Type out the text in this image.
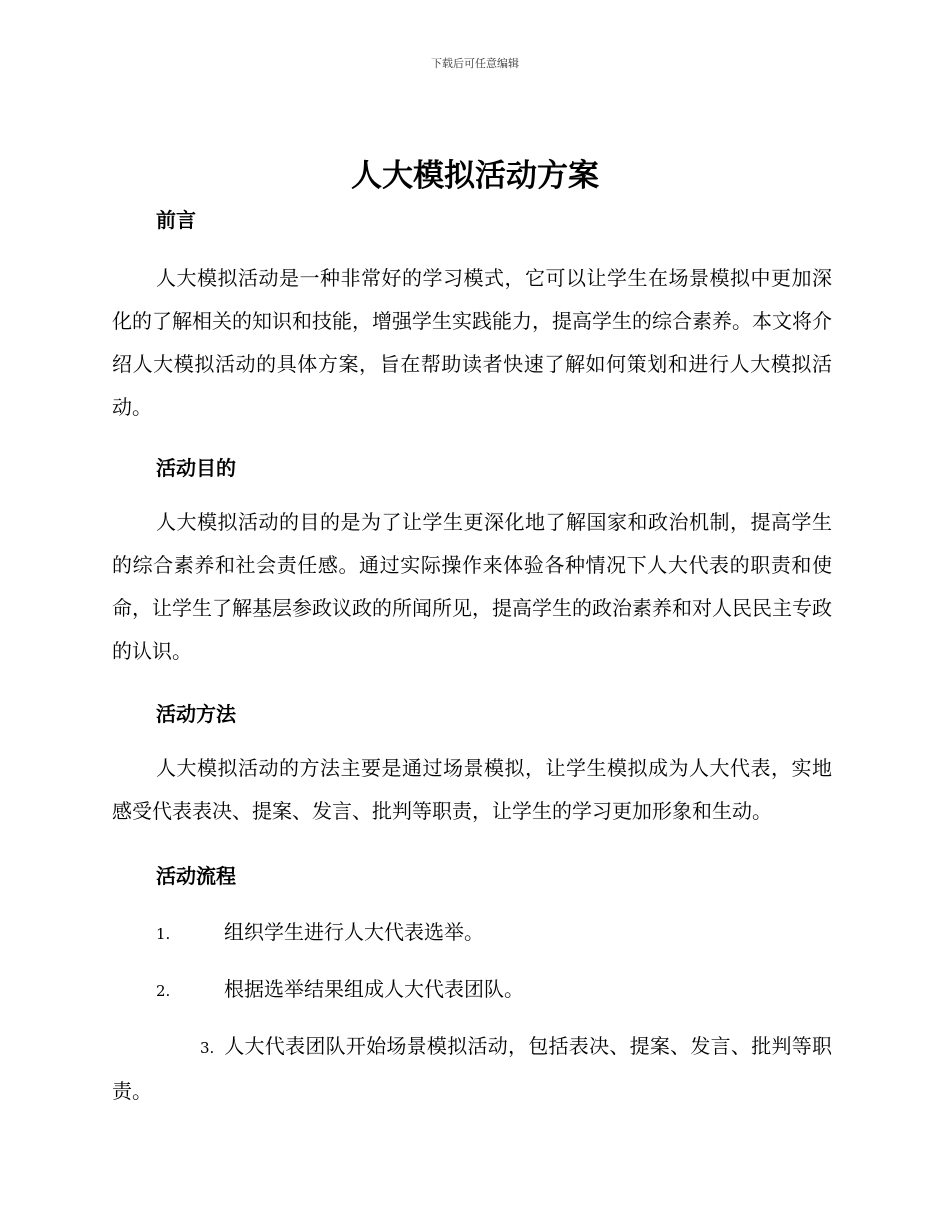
下载后可任意编辑
人大模拟活动方案

前言

人大模拟活动是一种非常好的学习模式，它可以让学生在场景模拟中更加深化的了解相关的知识和技能，增强学生实践能力，提高学生的综合素养。本文将介绍人大模拟活动的具体方案，旨在帮助读者快速了解如何策划和进行人大模拟活动。

活动目的

人大模拟活动的目的是为了让学生更深化地了解国家和政治机制，提高学生的综合素养和社会责任感。通过实际操作来体验各种情况下人大代表的职责和使命，让学生了解基层参政议政的所闻所见，提高学生的政治素养和对人民民主专政的认识。

活动方法

人大模拟活动的方法主要是通过场景模拟，让学生模拟成为人大代表，实地感受代表表决、提案、发言、批判等职责，让学生的学习更加形象和生动。

活动流程

1.	组织学生进行人大代表选举。

2.	根据选举结果组成人大代表团队。

3. 人大代表团队开始场景模拟活动，包括表决、提案、发言、批判等职责。
